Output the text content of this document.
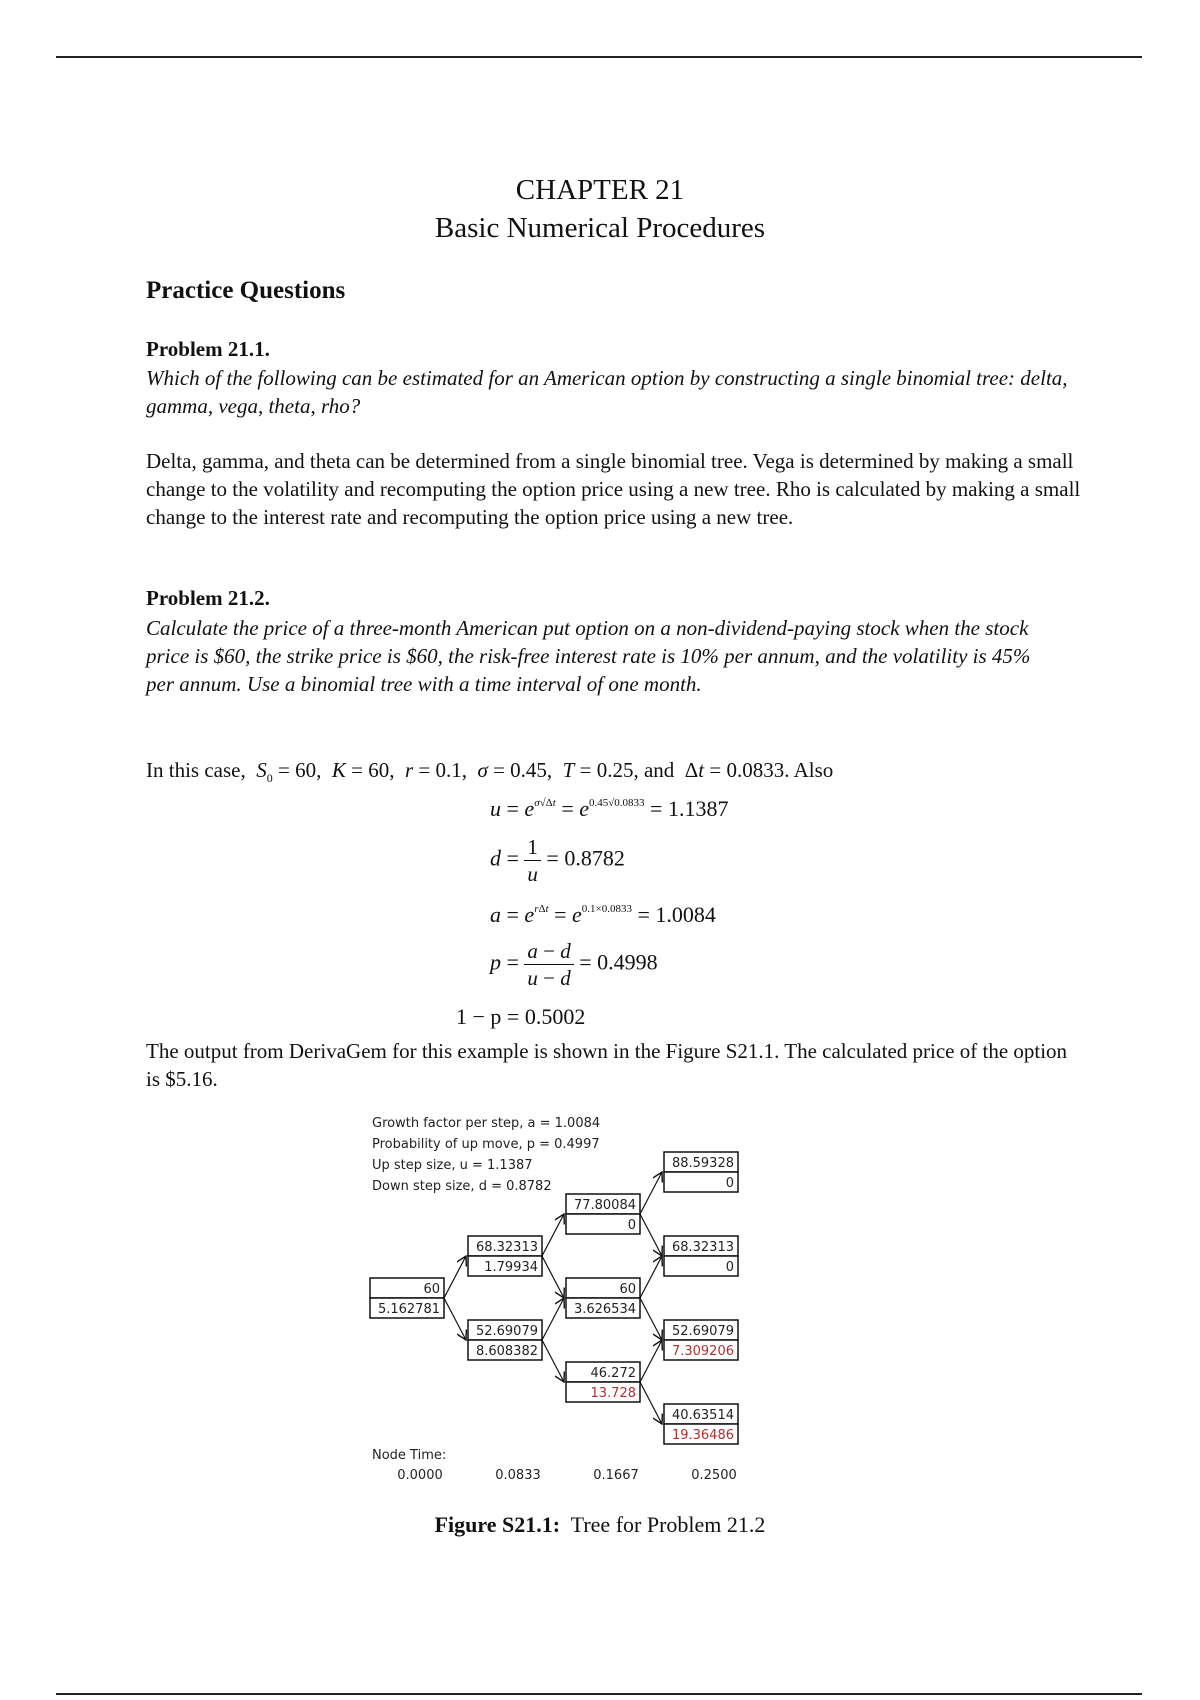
CHAPTER 21
Basic Numerical Procedures
Practice Questions
Problem 21.1.
Which of the following can be estimated for an American option by constructing a single binomial tree: delta, gamma, vega, theta, rho?
Delta, gamma, and theta can be determined from a single binomial tree. Vega is determined by making a small change to the volatility and recomputing the option price using a new tree. Rho is calculated by making a small change to the interest rate and recomputing the option price using a new tree.
Problem 21.2.
Calculate the price of a three-month American put option on a non-dividend-paying stock when the stock price is $60, the strike price is $60, the risk-free interest rate is 10% per annum, and the volatility is 45% per annum. Use a binomial tree with a time interval of one month.
In this case, $S_0 = 60$,  K = 60,  r = 0.1,  σ = 0.45,  T = 0.25, and  Δt = 0.0833. Also
$u = e^{\sigma√\Delta t} = e^{0.45√0.0833} = 1.1387$
$d = \frac{1}{u} = 0.8782$
$a = e^{r\Delta t} = e^{0.1\times 0.0833} = 1.0084$
$p = \frac{a - d}{u - d} = 0.4998$
1 − p = 0.5002
The output from DerivaGem for this example is shown in the Figure S21.1. The calculated price of the option is $5.16.
Growth factor per step, a = 1.0084
Probability of up move, p = 0.4997
Up step size, u = 1.1387
Down step size, d = 0.8782
60
5.162781
68.32313
1.79934
52.69079
8.608382
77.80084
0
60
3.626534
46.272
13.728
88.59328
0
68.32313
0
52.69079
7.309206
40.63514
19.36486
Node Time:
0.0000	0.0833	0.1667	0.2500
Figure S21.1: Tree for Problem 21.2
